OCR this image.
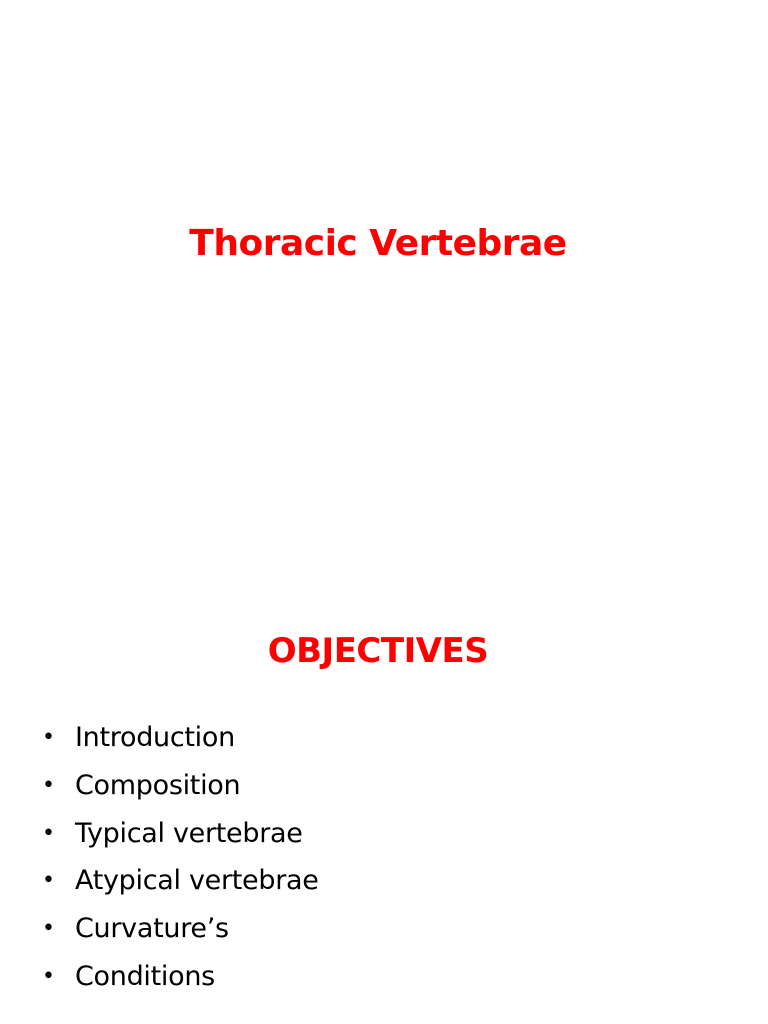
Thoracic Vertebrae
OBJECTIVES
• Introduction
• Composition
• Typical vertebrae
• Atypical vertebrae
• Curvature’s
• Conditions
